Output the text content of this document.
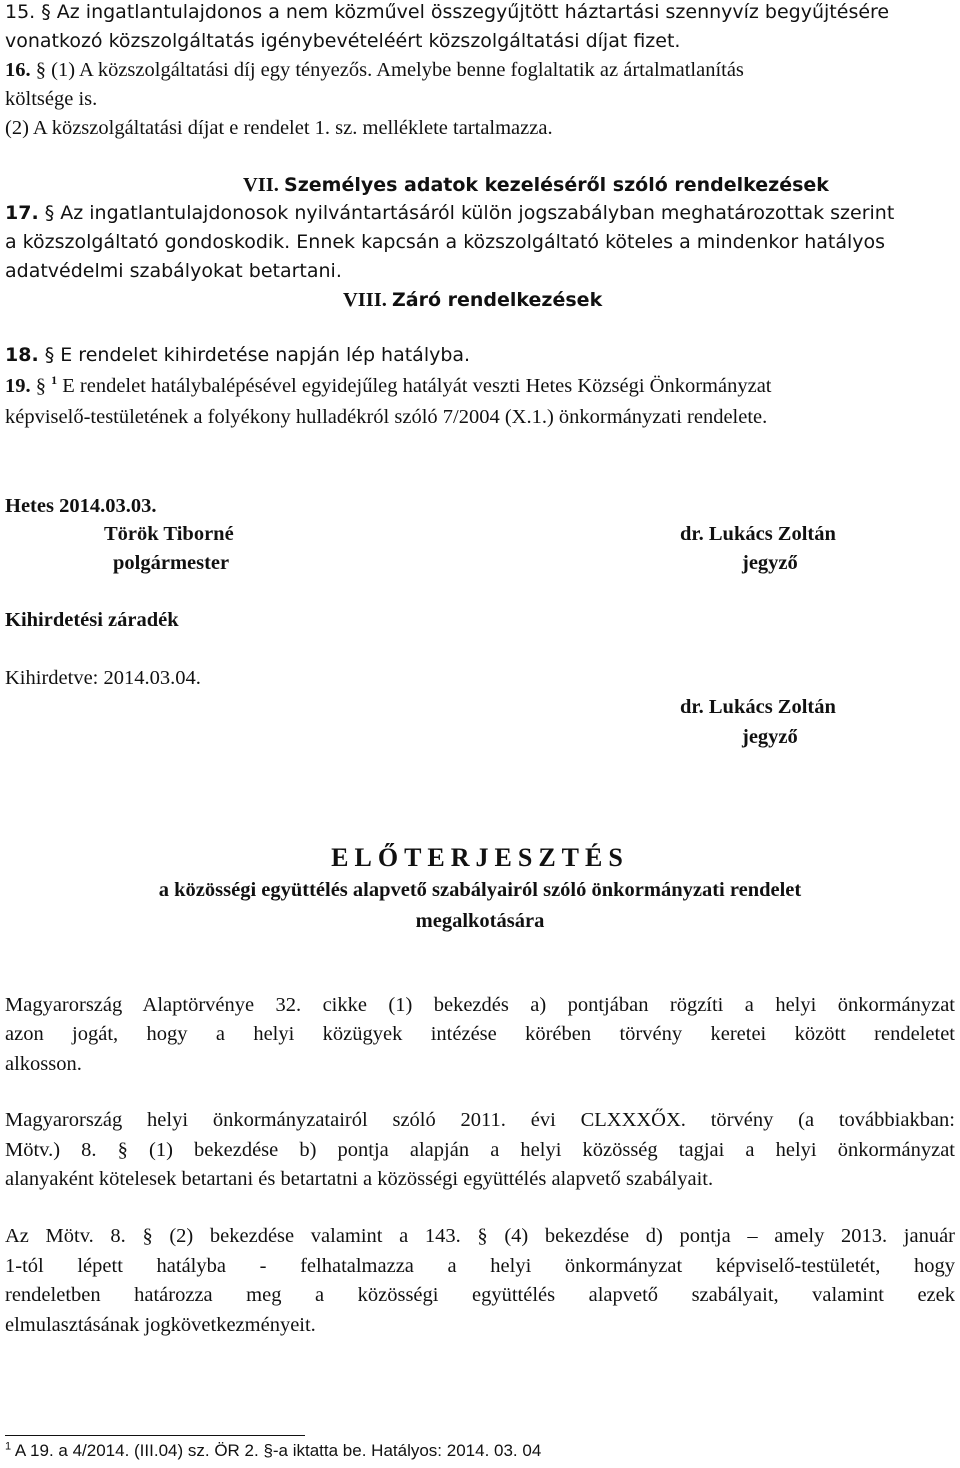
15. § Az ingatlantulajdonos a nem közművel összegyűjtött háztartási szennyvíz begyűjtésére
vonatkozó közszolgáltatás igénybevételéért közszolgáltatási díjat fizet.
16. § (1) A közszolgáltatási díj egy tényezős. Amelybe benne foglaltatik az ártalmatlanítás
költsége is.
(2) A közszolgáltatási díjat e rendelet 1. sz. melléklete tartalmazza.
VII. Személyes adatok kezeléséről szóló rendelkezések
17. § Az ingatlantulajdonosok nyilvántartásáról külön jogszabályban meghatározottak szerint
a közszolgáltató gondoskodik. Ennek kapcsán a közszolgáltató köteles a mindenkor hatályos
adatvédelmi szabályokat betartani.
VIII. Záró rendelkezések
18. § E rendelet kihirdetése napján lép hatályba.
19. § $^1$ E rendelet hatálybalépésével egyidejűleg hatályát veszti Hetes Községi Önkormányzat
képviselő-testületének a folyékony hulladékról szóló 7/2004 (X.1.) önkormányzati rendelete.
Hetes 2014.03.03.
Török Tiborné
polgármester
dr. Lukács Zoltán
jegyző
Kihirdetési záradék
Kihirdetve: 2014.03.04.
dr. Lukács Zoltán
jegyző
ELŐTERJESZTÉS
a közösségi együttélés alapvető szabályairól szóló önkormányzati rendelet
megalkotására
Magyarország Alaptörvénye 32. cikke (1) bekezdés a) pontjában rögzíti a helyi önkormányzat
azon jogát, hogy a helyi közügyek intézése körében törvény keretei között rendeletet
alkosson.
Magyarország helyi önkormányzatairól szóló 2011. évi CLXXXŐX. törvény (a továbbiakban:
Mötv.) 8. § (1) bekezdése b) pontja alapján a helyi közösség tagjai a helyi önkormányzat
alanyaként kötelesek betartani és betartatni a közösségi együttélés alapvető szabályait.
Az Mötv. 8. § (2) bekezdése valamint a 143. § (4) bekezdése d) pontja – amely 2013. január
1-tól lépett hatályba - felhatalmazza a helyi önkormányzat képviselő-testületét, hogy
rendeletben határozza meg a közösségi együttélés alapvető szabályait, valamint ezek
elmulasztásának jogkövetkezményeit.
$^1$ A 19. a 4/2014. (III.04) sz. ÖR 2. §-a iktatta be. Hatályos: 2014. 03. 04
